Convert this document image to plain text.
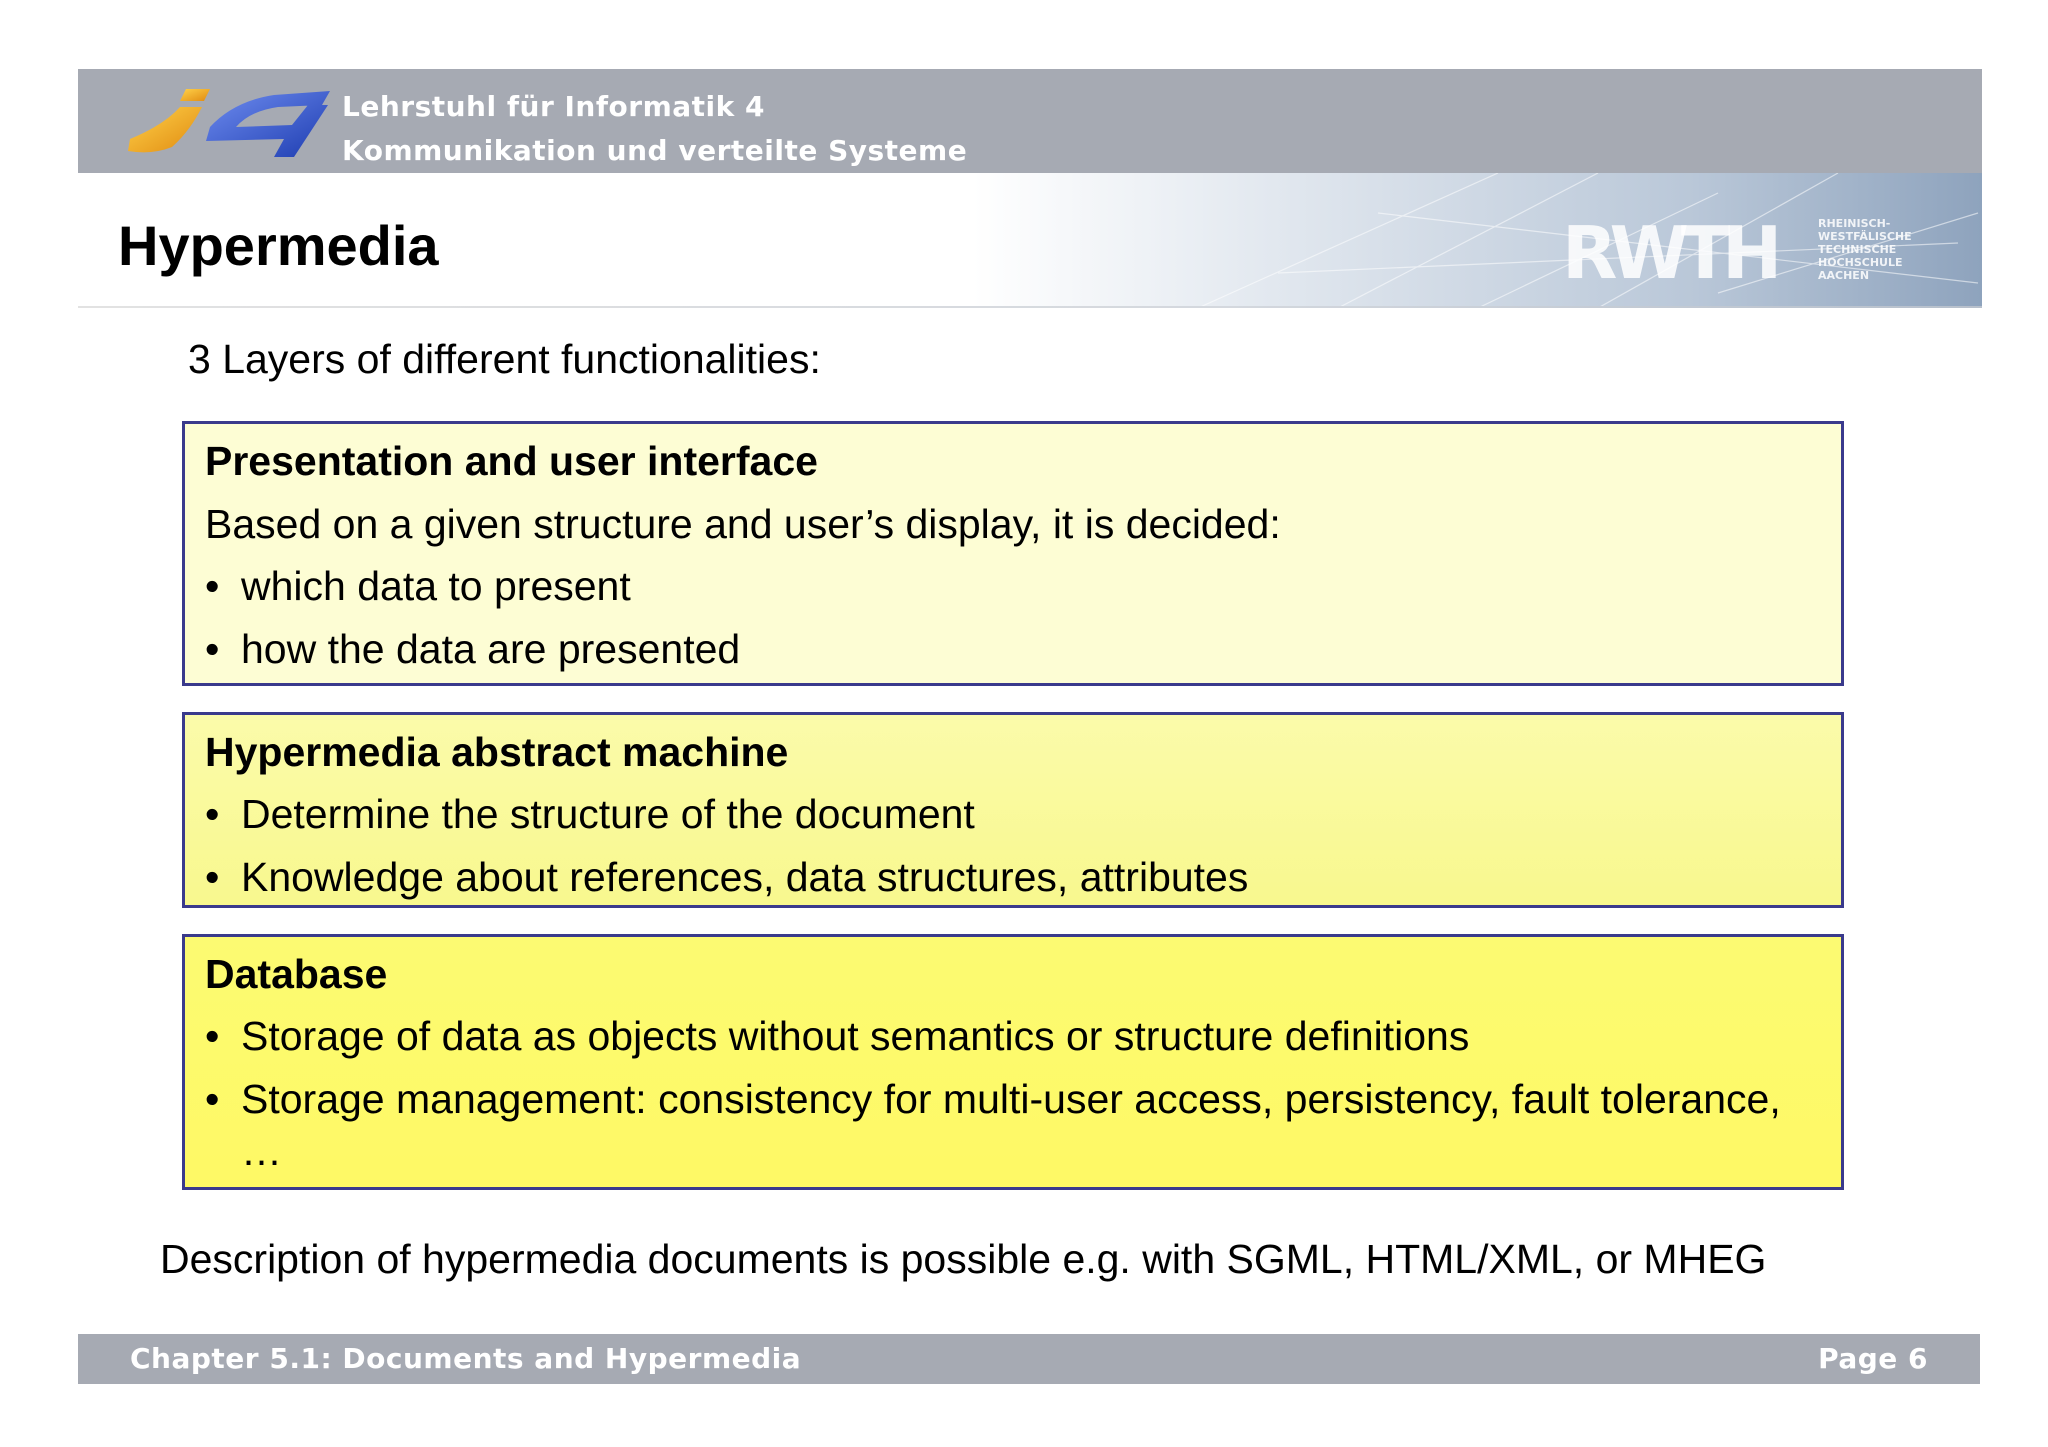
Lehrstuhl für Informatik 4
Kommunikation und verteilte Systeme
Hypermedia	RWTH	RHEINISCH-
WESTFÄLISCHE
TECHNISCHE
HOCHSCHULE
AACHEN
3 Layers of different functionalities:
Presentation and user interface
Based on a given structure and user’s display, it is decided:
• which data to present
• how the data are presented
Hypermedia abstract machine
• Determine the structure of the document
• Knowledge about references, data structures, attributes
Database
• Storage of data as objects without semantics or structure definitions
• Storage management: consistency for multi-user access, persistency, fault tolerance, …
Description of hypermedia documents is possible e.g. with SGML, HTML/XML, or MHEG
Chapter 5.1: Documents and Hypermedia	Page 6
